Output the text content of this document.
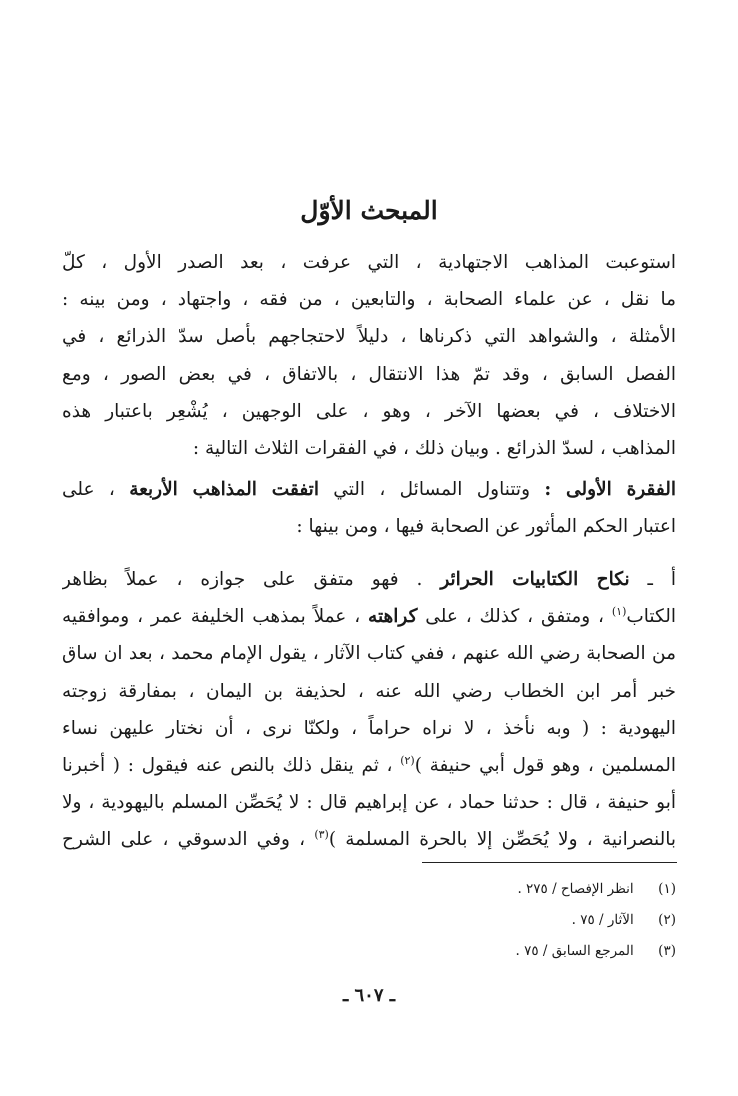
المبحث الأوّل
استوعبت المذاهب الاجتهادية ، التي عرفت ، بعد الصدر الأول ، كلّ
ما نقل ، عن علماء الصحابة ، والتابعين ، من فقه ، واجتهاد ، ومن بينه :
الأمثلة ، والشواهد التي ذكرناها ، دليلاً لاحتجاجهم بأصل سدّ الذرائع ، في
الفصل السابق ، وقد تمّ هذا الانتقال ، بالاتفاق ، في بعض الصور ، ومع
الاختلاف ، في بعضها الآخر ، وهو ، على الوجهين ، يُشْعِر باعتبار هذه
المذاهب ، لسدّ الذرائع . وبيان ذلك ، في الفقرات الثلاث التالية :
الفقرة الأولى : وتتناول المسائل ، التي اتفقت المذاهب الأربعة ، على
اعتبار الحكم المأثور عن الصحابة فيها ، ومن بينها :
أ ـ نكاح الكتابيات الحرائر . فهو متفق على جوازه ، عملاً بظاهر
الكتاب$^{(١)}$ ، ومتفق ، كذلك ، على كراهته ، عملاً بمذهب الخليفة عمر ، وموافقيه
من الصحابة رضي الله عنهم ، ففي كتاب الآثار ، يقول الإمام محمد ، بعد ان ساق
خبر أمر ابن الخطاب رضي الله عنه ، لحذيفة بن اليمان ، بمفارقة زوجته
اليهودية : ( وبه نأخذ ، لا نراه حراماً ، ولكنّا نرى ، أن نختار عليهن نساء
المسلمين ، وهو قول أبي حنيفة )$^{(٢)}$ ، ثم ينقل ذلك بالنص عنه فيقول : ( أخبرنا
أبو حنيفة ، قال : حدثنا حماد ، عن إبراهيم قال : لا يُحَصِّن المسلم باليهودية ، ولا
بالنصرانية ، ولا يُحَصِّن إلا بالحرة المسلمة )$^{(٣)}$ ، وفي الدسوقي ، على الشرح
(١) انظر الإفصاح / ٢٧٥ .
(٢) الآثار / ٧٥ .
(٣) المرجع السابق / ٧٥ .
ـ ٦٠٧ ـ
